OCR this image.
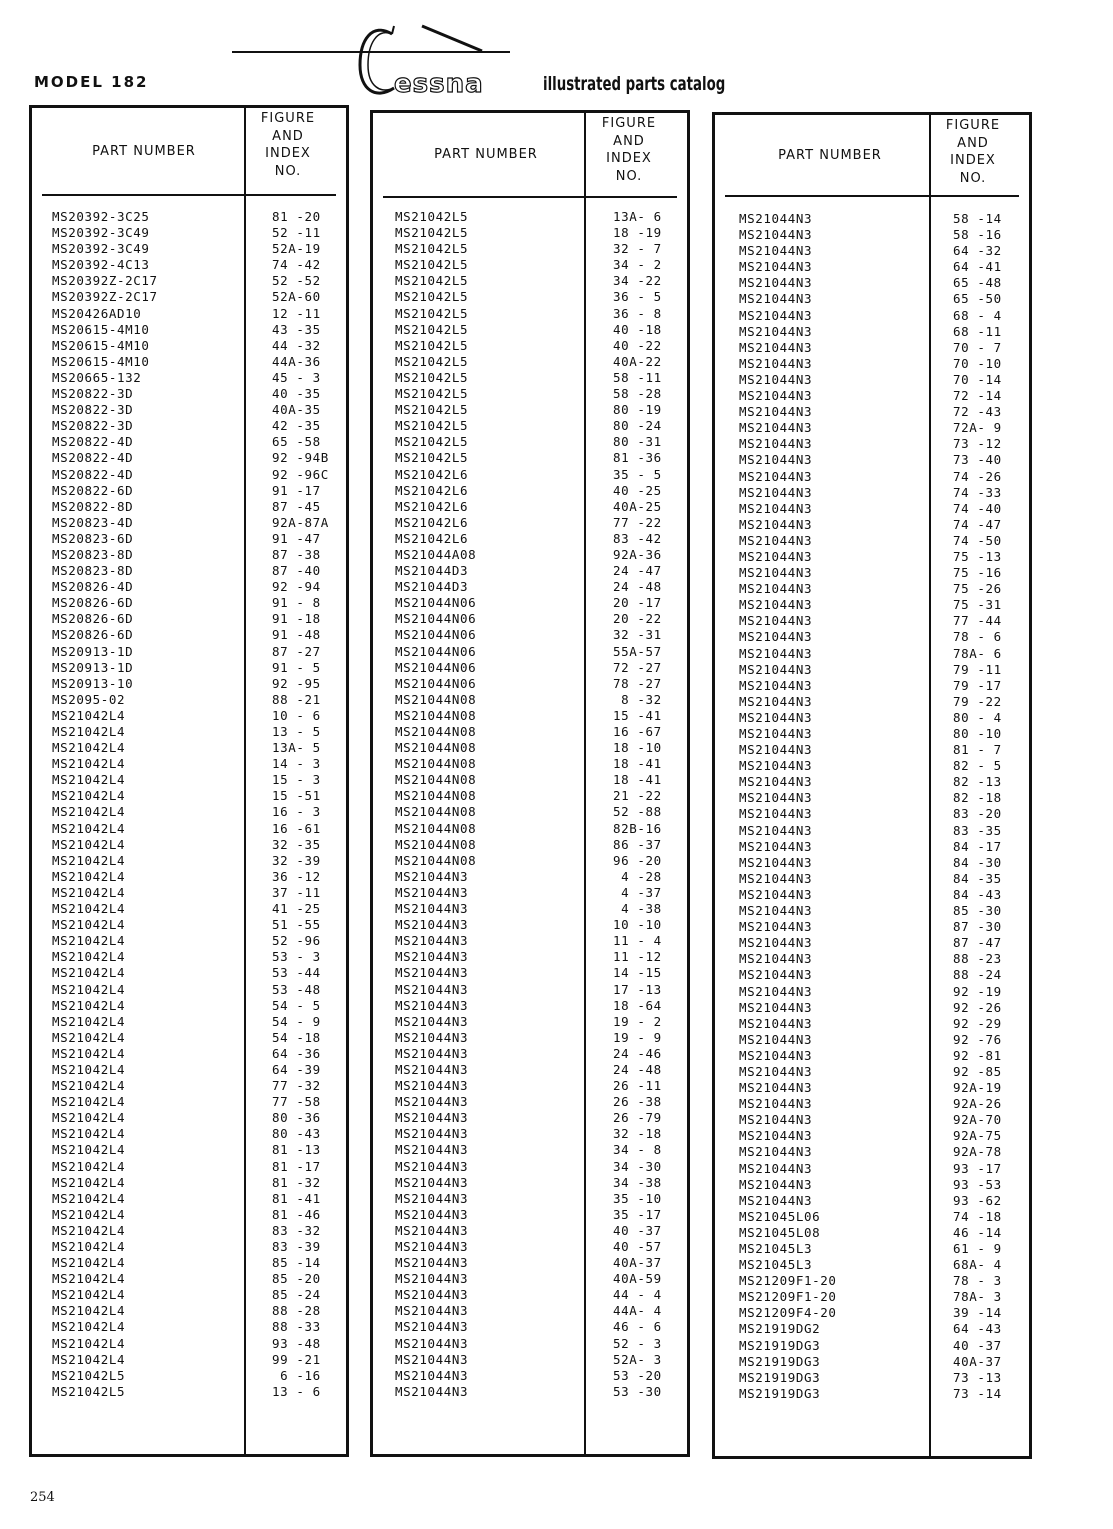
MODEL 182	essna	illustrated parts catalog
PART NUMBER
FIGURE
AND
INDEX
NO.
MS20392-3C25
MS20392-3C49
MS20392-3C49
MS20392-4C13
MS20392Z-2C17
MS20392Z-2C17
MS20426AD10
MS20615-4M10
MS20615-4M10
MS20615-4M10
MS20665-132
MS20822-3D
MS20822-3D
MS20822-3D
MS20822-4D
MS20822-4D
MS20822-4D
MS20822-6D
MS20822-8D
MS20823-4D
MS20823-6D
MS20823-8D
MS20823-8D
MS20826-4D
MS20826-6D
MS20826-6D
MS20826-6D
MS20913-1D
MS20913-1D
MS20913-10
MS2095-02
MS21042L4
MS21042L4
MS21042L4
MS21042L4
MS21042L4
MS21042L4
MS21042L4
MS21042L4
MS21042L4
MS21042L4
MS21042L4
MS21042L4
MS21042L4
MS21042L4
MS21042L4
MS21042L4
MS21042L4
MS21042L4
MS21042L4
MS21042L4
MS21042L4
MS21042L4
MS21042L4
MS21042L4
MS21042L4
MS21042L4
MS21042L4
MS21042L4
MS21042L4
MS21042L4
MS21042L4
MS21042L4
MS21042L4
MS21042L4
MS21042L4
MS21042L4
MS21042L4
MS21042L4
MS21042L4
MS21042L4
MS21042L4
MS21042L5
MS21042L5
81 -20
52 -11
52A-19
74 -42
52 -52
52A-60
12 -11
43 -35
44 -32
44A-36
45 - 3
40 -35
40A-35
42 -35
65 -58
92 -94B
92 -96C
91 -17
87 -45
92A-87A
91 -47
87 -38
87 -40
92 -94
91 - 8
91 -18
91 -48
87 -27
91 - 5
92 -95
88 -21
10 - 6
13 - 5
13A- 5
14 - 3
15 - 3
15 -51
16 - 3
16 -61
32 -35
32 -39
36 -12
37 -11
41 -25
51 -55
52 -96
53 - 3
53 -44
53 -48
54 - 5
54 - 9
54 -18
64 -36
64 -39
77 -32
77 -58
80 -36
80 -43
81 -13
81 -17
81 -32
81 -41
81 -46
83 -32
83 -39
85 -14
85 -20
85 -24
88 -28
88 -33
93 -48
99 -21
6 -16
13 - 6
PART NUMBER
FIGURE
AND
INDEX
NO.
MS21042L5
MS21042L5
MS21042L5
MS21042L5
MS21042L5
MS21042L5
MS21042L5
MS21042L5
MS21042L5
MS21042L5
MS21042L5
MS21042L5
MS21042L5
MS21042L5
MS21042L5
MS21042L5
MS21042L6
MS21042L6
MS21042L6
MS21042L6
MS21042L6
MS21044A08
MS21044D3
MS21044D3
MS21044N06
MS21044N06
MS21044N06
MS21044N06
MS21044N06
MS21044N06
MS21044N08
MS21044N08
MS21044N08
MS21044N08
MS21044N08
MS21044N08
MS21044N08
MS21044N08
MS21044N08
MS21044N08
MS21044N08
MS21044N3
MS21044N3
MS21044N3
MS21044N3
MS21044N3
MS21044N3
MS21044N3
MS21044N3
MS21044N3
MS21044N3
MS21044N3
MS21044N3
MS21044N3
MS21044N3
MS21044N3
MS21044N3
MS21044N3
MS21044N3
MS21044N3
MS21044N3
MS21044N3
MS21044N3
MS21044N3
MS21044N3
MS21044N3
MS21044N3
MS21044N3
MS21044N3
MS21044N3
MS21044N3
MS21044N3
MS21044N3
MS21044N3
13A- 6
18 -19
32 - 7
34 - 2
34 -22
36 - 5
36 - 8
40 -18
40 -22
40A-22
58 -11
58 -28
80 -19
80 -24
80 -31
81 -36
35 - 5
40 -25
40A-25
77 -22
83 -42
92A-36
24 -47
24 -48
20 -17
20 -22
32 -31
55A-57
72 -27
78 -27
8 -32
15 -41
16 -67
18 -10
18 -41
18 -41
21 -22
52 -88
82B-16
86 -37
96 -20
4 -28
4 -37
4 -38
10 -10
11 - 4
11 -12
14 -15
17 -13
18 -64
19 - 2
19 - 9
24 -46
24 -48
26 -11
26 -38
26 -79
32 -18
34 - 8
34 -30
34 -38
35 -10
35 -17
40 -37
40 -57
40A-37
40A-59
44 - 4
44A- 4
46 - 6
52 - 3
52A- 3
53 -20
53 -30
PART NUMBER
FIGURE
AND
INDEX
NO.
MS21044N3
MS21044N3
MS21044N3
MS21044N3
MS21044N3
MS21044N3
MS21044N3
MS21044N3
MS21044N3
MS21044N3
MS21044N3
MS21044N3
MS21044N3
MS21044N3
MS21044N3
MS21044N3
MS21044N3
MS21044N3
MS21044N3
MS21044N3
MS21044N3
MS21044N3
MS21044N3
MS21044N3
MS21044N3
MS21044N3
MS21044N3
MS21044N3
MS21044N3
MS21044N3
MS21044N3
MS21044N3
MS21044N3
MS21044N3
MS21044N3
MS21044N3
MS21044N3
MS21044N3
MS21044N3
MS21044N3
MS21044N3
MS21044N3
MS21044N3
MS21044N3
MS21044N3
MS21044N3
MS21044N3
MS21044N3
MS21044N3
MS21044N3
MS21044N3
MS21044N3
MS21044N3
MS21044N3
MS21044N3
MS21044N3
MS21044N3
MS21044N3
MS21044N3
MS21044N3
MS21044N3
MS21044N3
MS21045L06
MS21045L08
MS21045L3
MS21045L3
MS21209F1-20
MS21209F1-20
MS21209F4-20
MS21919DG2
MS21919DG3
MS21919DG3
MS21919DG3
MS21919DG3
58 -14
58 -16
64 -32
64 -41
65 -48
65 -50
68 - 4
68 -11
70 - 7
70 -10
70 -14
72 -14
72 -43
72A- 9
73 -12
73 -40
74 -26
74 -33
74 -40
74 -47
74 -50
75 -13
75 -16
75 -26
75 -31
77 -44
78 - 6
78A- 6
79 -11
79 -17
79 -22
80 - 4
80 -10
81 - 7
82 - 5
82 -13
82 -18
83 -20
83 -35
84 -17
84 -30
84 -35
84 -43
85 -30
87 -30
87 -47
88 -23
88 -24
92 -19
92 -26
92 -29
92 -76
92 -81
92 -85
92A-19
92A-26
92A-70
92A-75
92A-78
93 -17
93 -53
93 -62
74 -18
46 -14
61 - 9
68A- 4
78 - 3
78A- 3
39 -14
64 -43
40 -37
40A-37
73 -13
73 -14
254
